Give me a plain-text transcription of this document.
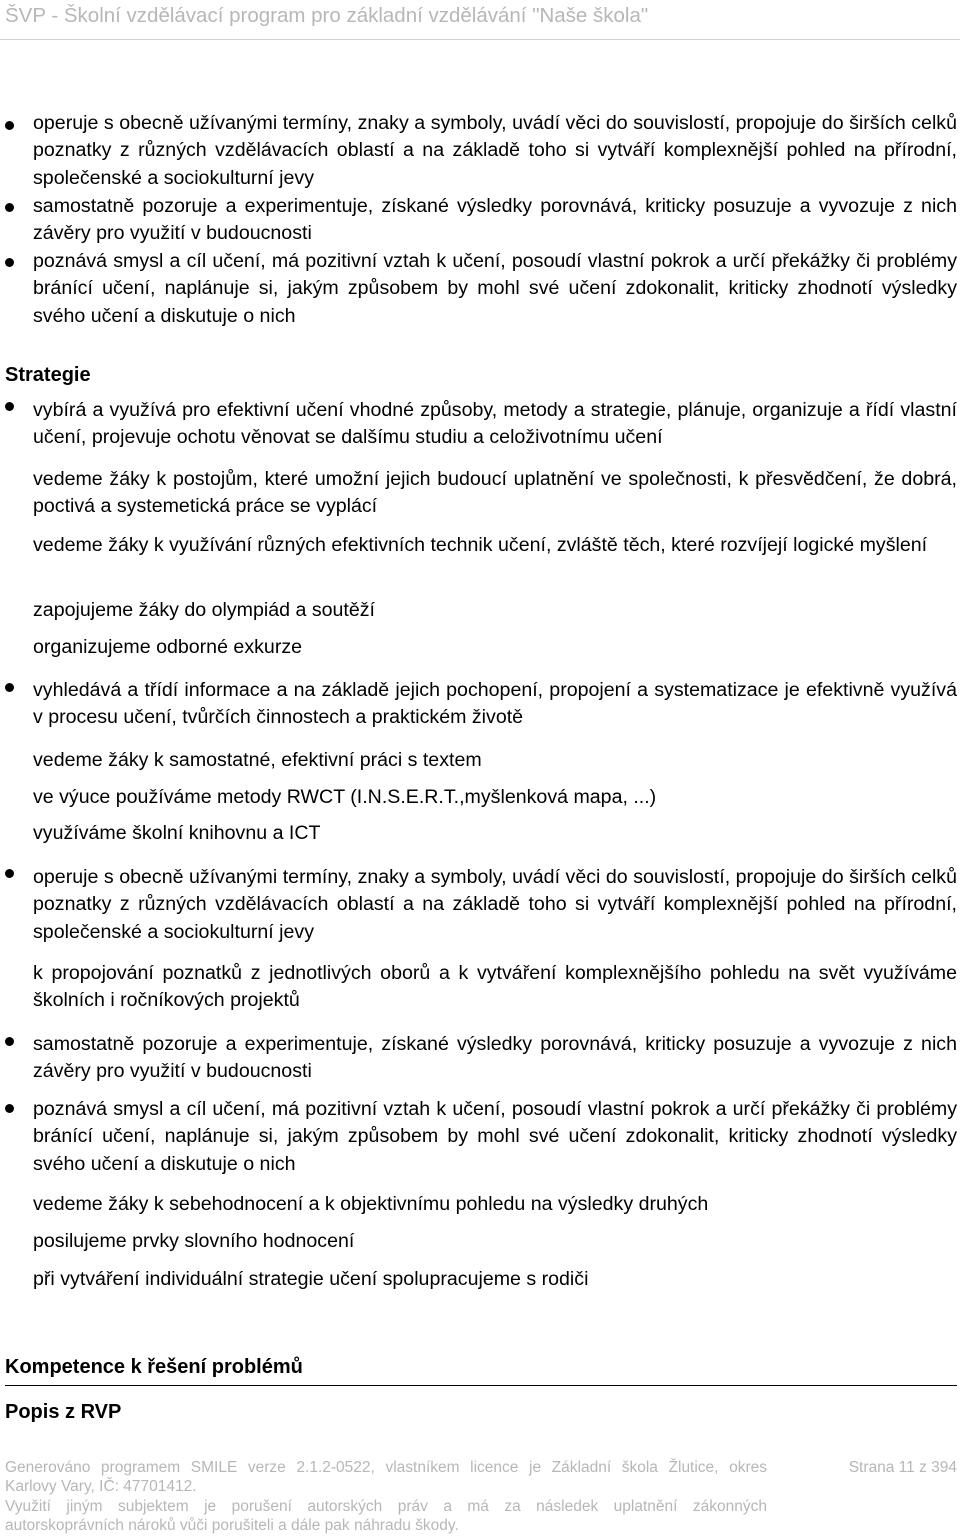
ŠVP - Školní vzdělávací program pro základní vzdělávání "Naše škola"
operuje s obecně užívanými termíny, znaky a symboly, uvádí věci do souvislostí, propojuje do širších celků poznatky z různých vzdělávacích oblastí a na základě toho si vytváří komplexnější pohled na přírodní, společenské a sociokulturní jevy
samostatně pozoruje a experimentuje, získané výsledky porovnává, kriticky posuzuje a vyvozuje z nich závěry pro využití v budoucnosti
poznává smysl a cíl učení, má pozitivní vztah k učení, posoudí vlastní pokrok a určí překážky či problémy bránící učení, naplánuje si, jakým způsobem by mohl své učení zdokonalit, kriticky zhodnotí výsledky svého učení a diskutuje o nich
Strategie
vybírá a využívá pro efektivní učení vhodné způsoby, metody a strategie, plánuje, organizuje a řídí vlastní učení, projevuje ochotu věnovat se dalšímu studiu a celoživotnímu učení
vedeme žáky k postojům, které umožní jejich budoucí uplatnění ve společnosti, k přesvědčení, že dobrá, poctivá a systemetická práce se vyplácí
vedeme žáky k využívání různých efektivních technik učení, zvláště těch, které rozvíjejí logické myšlení
zapojujeme žáky do olympiád a soutěží
organizujeme odborné exkurze
vyhledává a třídí informace a na základě jejich pochopení, propojení a systematizace je efektivně využívá v procesu učení, tvůrčích činnostech a praktickém životě
vedeme žáky k samostatné, efektivní práci s textem
ve výuce používáme metody RWCT (I.N.S.E.R.T.,myšlenková mapa, ...)
využíváme školní knihovnu a ICT
operuje s obecně užívanými termíny, znaky a symboly, uvádí věci do souvislostí, propojuje do širších celků poznatky z různých vzdělávacích oblastí a na základě toho si vytváří komplexnější pohled na přírodní, společenské a sociokulturní jevy
k propojování poznatků z jednotlivých oborů a k vytváření komplexnějšího pohledu na svět využíváme školních i ročníkových projektů
samostatně pozoruje a experimentuje, získané výsledky porovnává, kriticky posuzuje a vyvozuje z nich závěry pro využití v budoucnosti
poznává smysl a cíl učení, má pozitivní vztah k učení, posoudí vlastní pokrok a určí překážky či problémy bránící učení, naplánuje si, jakým způsobem by mohl své učení zdokonalit, kriticky zhodnotí výsledky svého učení a diskutuje o nich
vedeme žáky k sebehodnocení a k objektivnímu pohledu na výsledky druhých
posilujeme prvky slovního hodnocení
při vytváření individuální strategie učení spolupracujeme s rodiči
Kompetence k řešení problémů
Popis z RVP
Generováno programem SMILE verze 2.1.2-0522, vlastníkem licence je Základní škola Žlutice, okres	Strana 11 z 394
Karlovy Vary, IČ: 47701412.
Využití jiným subjektem je porušení autorských práv a má za následek uplatnění zákonných
autorskoprávních nároků vůči porušiteli a dále pak náhradu škody.
